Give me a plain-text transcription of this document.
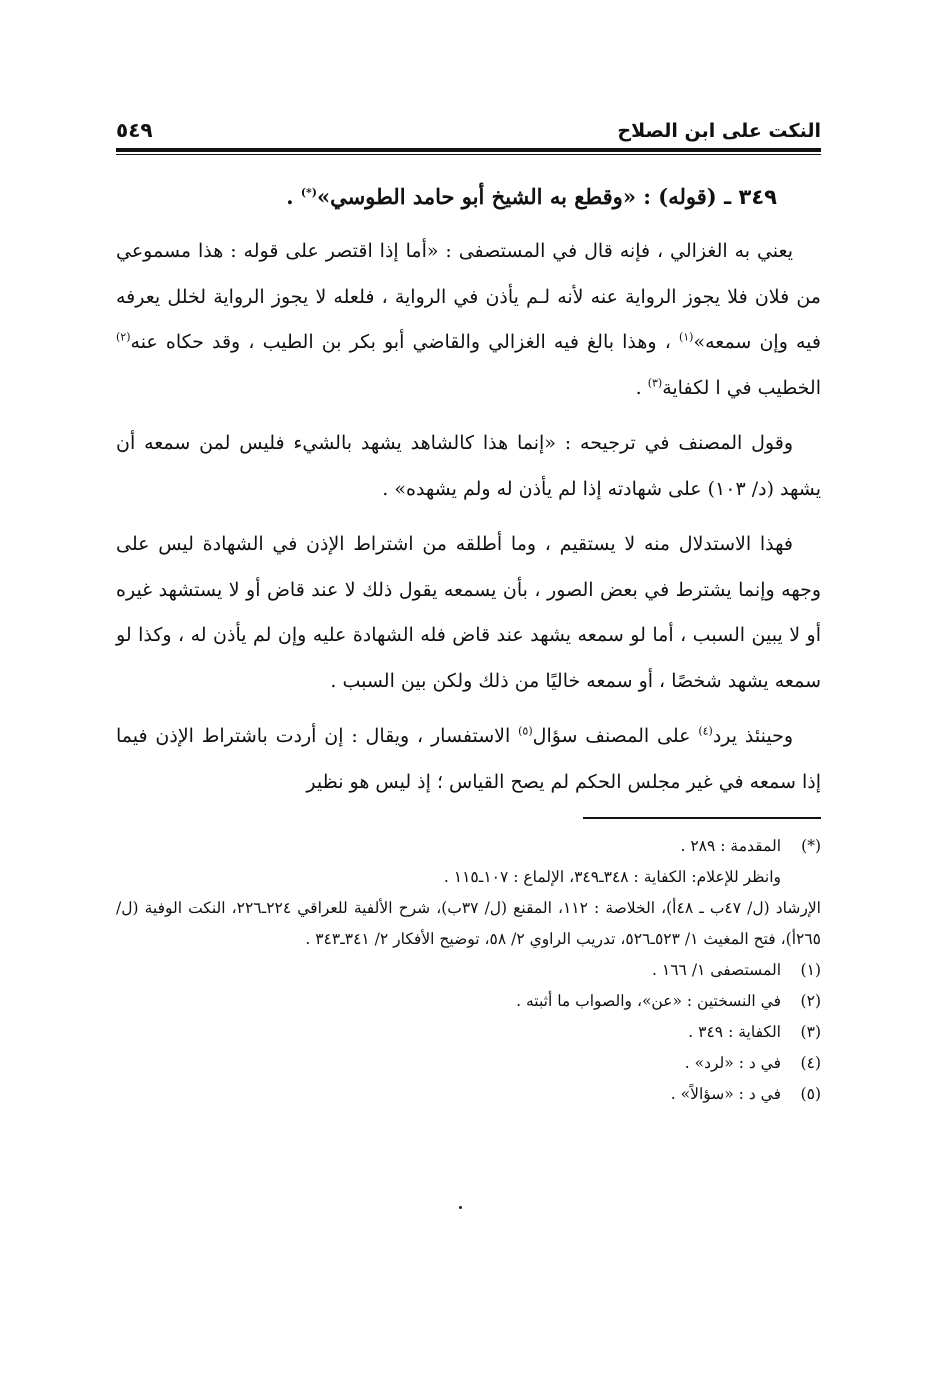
النكت على ابن الصلاح
٥٤٩
٣٤٩ ـ (قوله) : «وقطع به الشيخ أبو حامد الطوسي»(*) .

يعني به الغزالي ، فإنه قال في المستصفى : «أما إذا اقتصر على قوله : هذا مسموعي من فلان فلا يجوز الرواية عنه لأنه لـم يأذن في الرواية ، فلعله لا يجوز الرواية لخلل يعرفه فيه وإن سمعه»$^{(١)}$ ، وهذا بالغ فيه الغزالي والقاضي أبو بكر بن الطيب ، وقد حكاه عنه$^{(٢)}$ الخطيب في ا لكفاية$^{(٣)}$ .

وقول المصنف في ترجيحه : «إنما هذا كالشاهد يشهد بالشيء فليس لمن سمعه أن يشهد (د/ ١٠٣) على شهادته إذا لم يأذن له ولم يشهده» .

فهذا الاستدلال منه لا يستقيم ، وما أطلقه من اشتراط الإذن في الشهادة ليس على وجهه وإنما يشترط في بعض الصور ، بأن يسمعه يقول ذلك لا عند قاض أو لا يستشهد غيره أو لا يبين السبب ، أما لو سمعه يشهد عند قاض فله الشهادة عليه وإن لم يأذن له ، وكذا لو سمعه يشهد شخصًا ، أو سمعه خاليًا من ذلك ولكن بين السبب .

وحينئذ يرد$^{(٤)}$ على المصنف سؤال$^{(٥)}$ الاستفسار ، ويقال : إن أردت باشتراط الإذن فيما إذا سمعه في غير مجلس الحكم لم يصح القياس ؛ إذ ليس هو نظير

(*)
المقدمة : ٢٨٩ .
وانظر للإعلام: الكفاية : ٣٤٨ـ٣٤٩، الإلماع : ١٠٧ـ١١٥ .
الإرشاد (ل/ ٤٧ب ـ ٤٨أ)، الخلاصة : ١١٢، المقنع (ل/ ٣٧ب)، شرح الألفية للعراقي ٢٢٤ـ٢٢٦، النكت الوفية (ل/ ٢٦٥أ)، فتح المغيث ١/ ٥٢٣ـ٥٢٦، تدريب الراوي ٢/ ٥٨، توضيح الأفكار ٢/ ٣٤١ـ٣٤٣ .
(١)
المستصفى ١/ ١٦٦ .
(٢)
في النسختين : «عن»، والصواب ما أثبته .
(٣)
الكفاية : ٣٤٩ .
(٤)
في د : «لرد» .
(٥)
في د : «سؤالاً» .
